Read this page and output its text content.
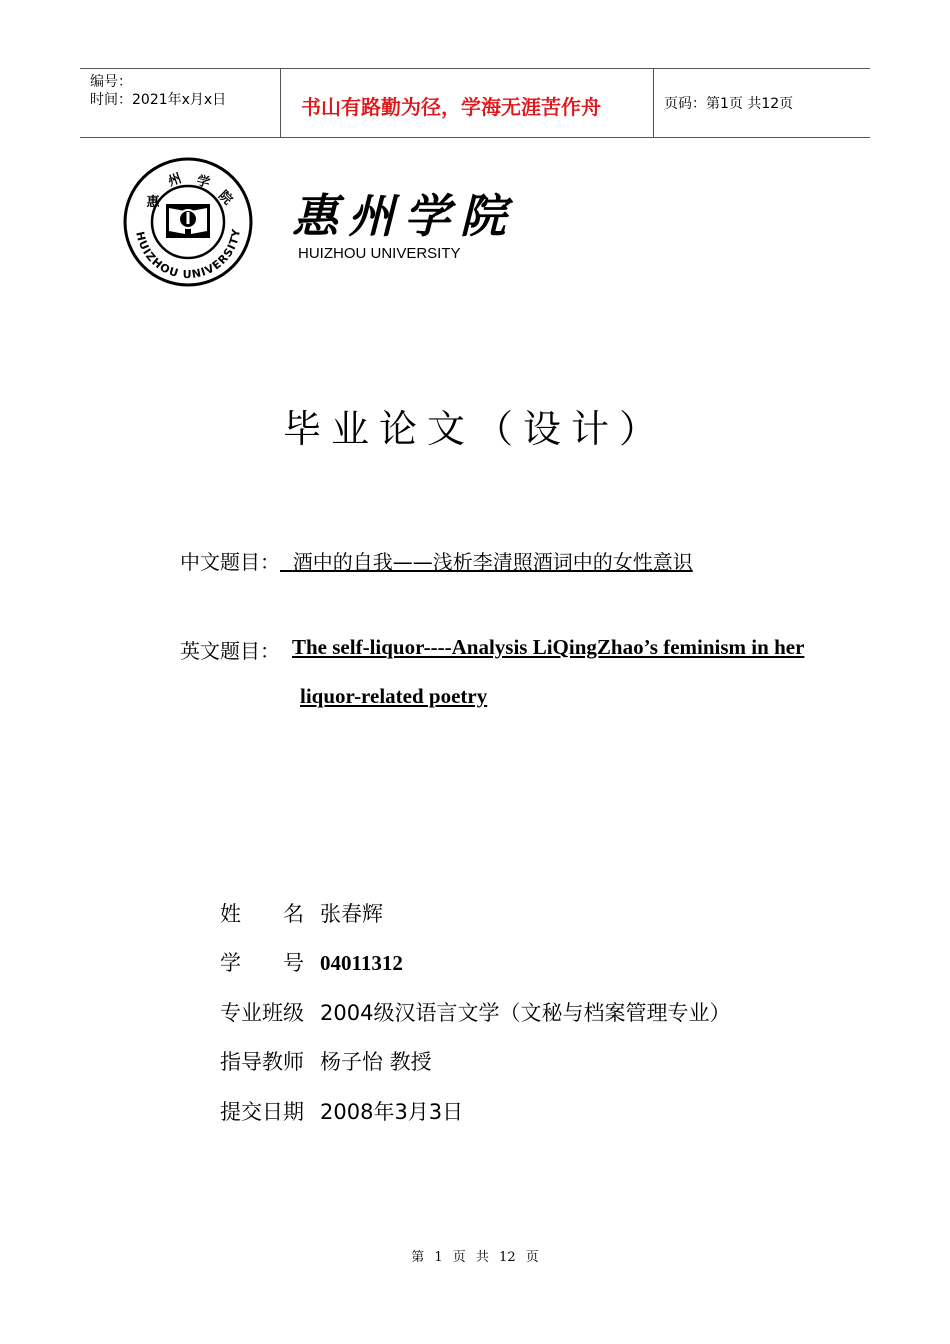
编号：
时间：2021年x月x日	书山有路勤为径，学海无涯苦作舟	页码：第1页 共12页
惠
州 学
院
HUIZHOU UNIVERSITY 惠州学院
HUIZHOU UNIVERSITY
毕业论文（设计）
中文题目： 酒中的自我——浅析李清照酒词中的女性意识
英文题目： The self-liquor----Analysis LiQingZhao’s feminism in her
liquor-related poetry
姓　　名 张春辉
学　　号 04011312
专业班级 2004级汉语言文学（文秘与档案管理专业）
指导教师 杨子怡 教授
提交日期 2008年3月3日
第 1 页 共 12 页
